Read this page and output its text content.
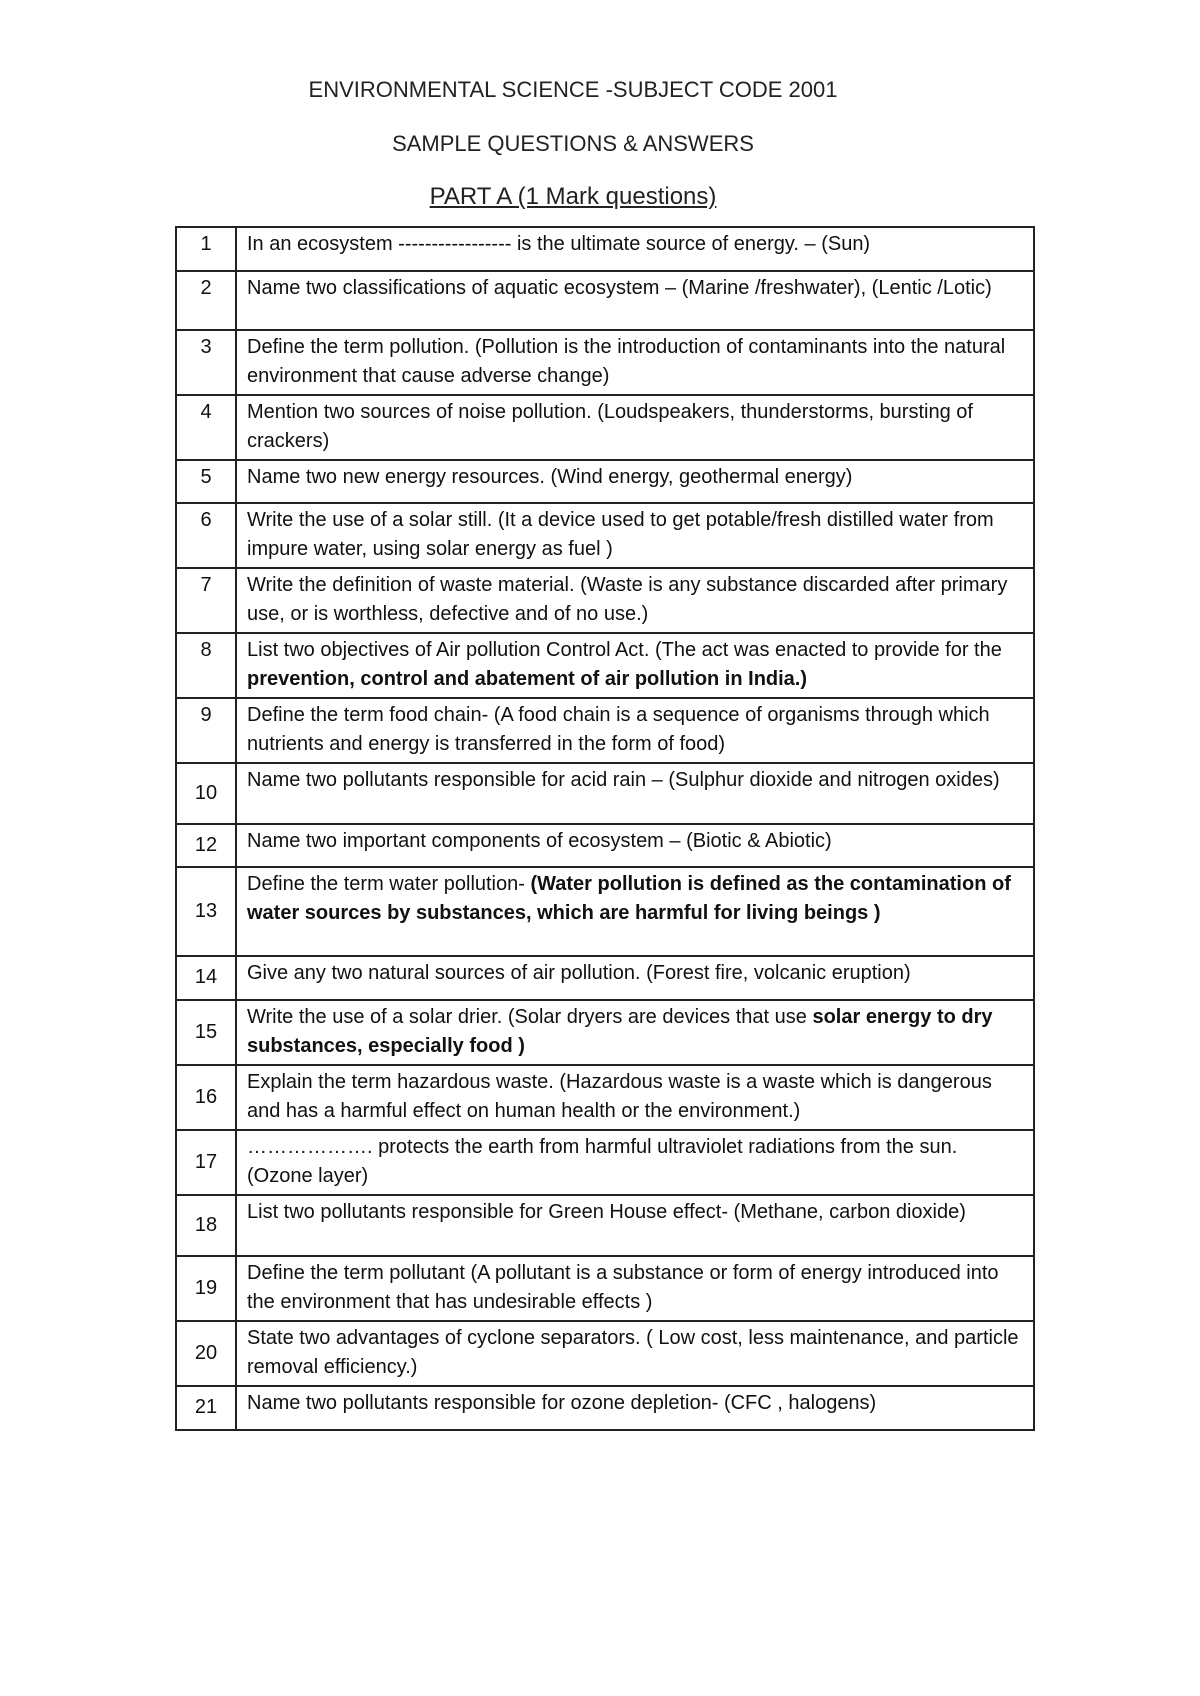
ENVIRONMENTAL SCIENCE -SUBJECT CODE 2001
SAMPLE QUESTIONS & ANSWERS
PART A (1 Mark questions)
1	In an ecosystem ----------------- is the ultimate source of energy. – (Sun)
2	Name two classifications of aquatic ecosystem – (Marine /freshwater), (Lentic /Lotic)
3	Define the term pollution. (Pollution is the introduction of contaminants into the natural environment that cause adverse change)
4	Mention two sources of noise pollution. (Loudspeakers, thunderstorms, bursting of crackers)
5	Name two new energy resources. (Wind energy, geothermal energy)
6	Write the use of a solar still. (It a device used to get potable/fresh distilled water from impure water, using solar energy as fuel )
7	Write the definition of waste material. (Waste is any substance discarded after primary use, or is worthless, defective and of no use.)
8	List two objectives of Air pollution Control Act. (The act was enacted to provide for the prevention, control and abatement of air pollution in India.)
9	Define the term food chain- (A food chain is a sequence of organisms through which nutrients and energy is transferred in the form of food)
10	Name two pollutants responsible for acid rain – (Sulphur dioxide and nitrogen oxides)
12	Name two important components of ecosystem – (Biotic & Abiotic)
13	Define the term water pollution- (Water pollution is defined as the contamination of water sources by substances, which are harmful for living beings )
14	Give any two natural sources of air pollution. (Forest fire, volcanic eruption)
15	Write the use of a solar drier. (Solar dryers are devices that use solar energy to dry substances, especially food )
16	Explain the term hazardous waste. (Hazardous waste is a waste which is dangerous and has a harmful effect on human health or the environment.)
17	………………. protects the earth from harmful ultraviolet radiations from the sun. (Ozone layer)
18	List two pollutants responsible for Green House effect- (Methane, carbon dioxide)
19	Define the term pollutant (A pollutant is a substance or form of energy introduced into the environment that has undesirable effects )
20	State two advantages of cyclone separators. ( Low cost, less maintenance, and particle removal efficiency.)
21	Name two pollutants responsible for ozone depletion- (CFC , halogens)
